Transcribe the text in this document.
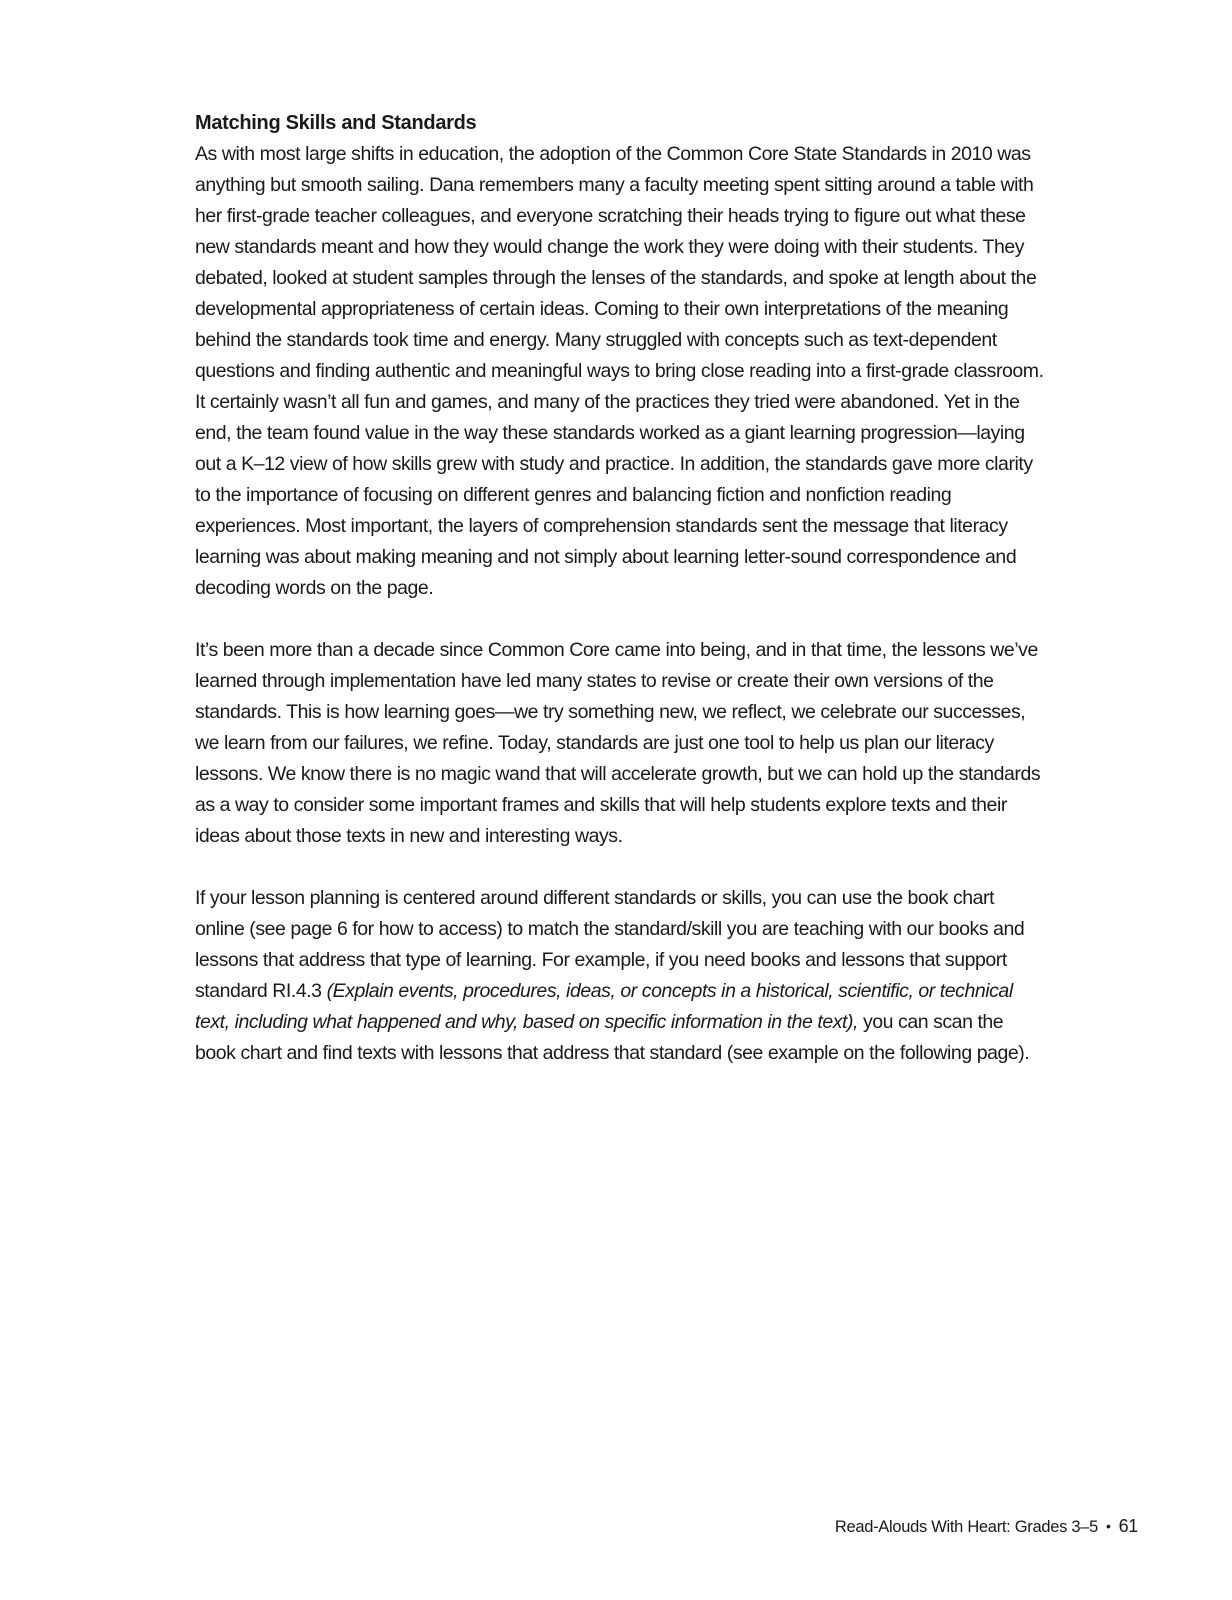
Matching Skills and Standards

As with most large shifts in education, the adoption of the Common Core State Standards in 2010 was anything but smooth sailing. Dana remembers many a faculty meeting spent sitting around a table with her first-grade teacher colleagues, and everyone scratching their heads trying to figure out what these new standards meant and how they would change the work they were doing with their students. They debated, looked at student samples through the lenses of the standards, and spoke at length about the developmental appropriateness of certain ideas. Coming to their own interpretations of the meaning behind the standards took time and energy. Many struggled with concepts such as text-dependent questions and finding authentic and meaningful ways to bring close reading into a first-grade classroom. It certainly wasn’t all fun and games, and many of the practices they tried were abandoned. Yet in the end, the team found value in the way these standards worked as a giant learning progression—laying out a K–12 view of how skills grew with study and practice. In addition, the standards gave more clarity to the importance of focusing on different genres and balancing fiction and nonfiction reading experiences. Most important, the layers of comprehension standards sent the message that literacy learning was about making meaning and not simply about learning letter-sound correspondence and decoding words on the page.

It’s been more than a decade since Common Core came into being, and in that time, the lessons we’ve learned through implementation have led many states to revise or create their own versions of the standards. This is how learning goes—we try something new, we reflect, we celebrate our successes, we learn from our failures, we refine. Today, standards are just one tool to help us plan our literacy lessons. We know there is no magic wand that will accelerate growth, but we can hold up the standards as a way to consider some important frames and skills that will help students explore texts and their ideas about those texts in new and interesting ways.

If your lesson planning is centered around different standards or skills, you can use the book chart online (see page 6 for how to access) to match the standard/skill you are teaching with our books and lessons that address that type of learning. For example, if you need books and lessons that support standard RI.4.3 (Explain events, procedures, ideas, or concepts in a historical, scientific, or technical text, including what happened and why, based on specific information in the text), you can scan the book chart and find texts with lessons that address that standard (see example on the following page).

Read-Alouds With Heart: Grades 3–5 • 61
